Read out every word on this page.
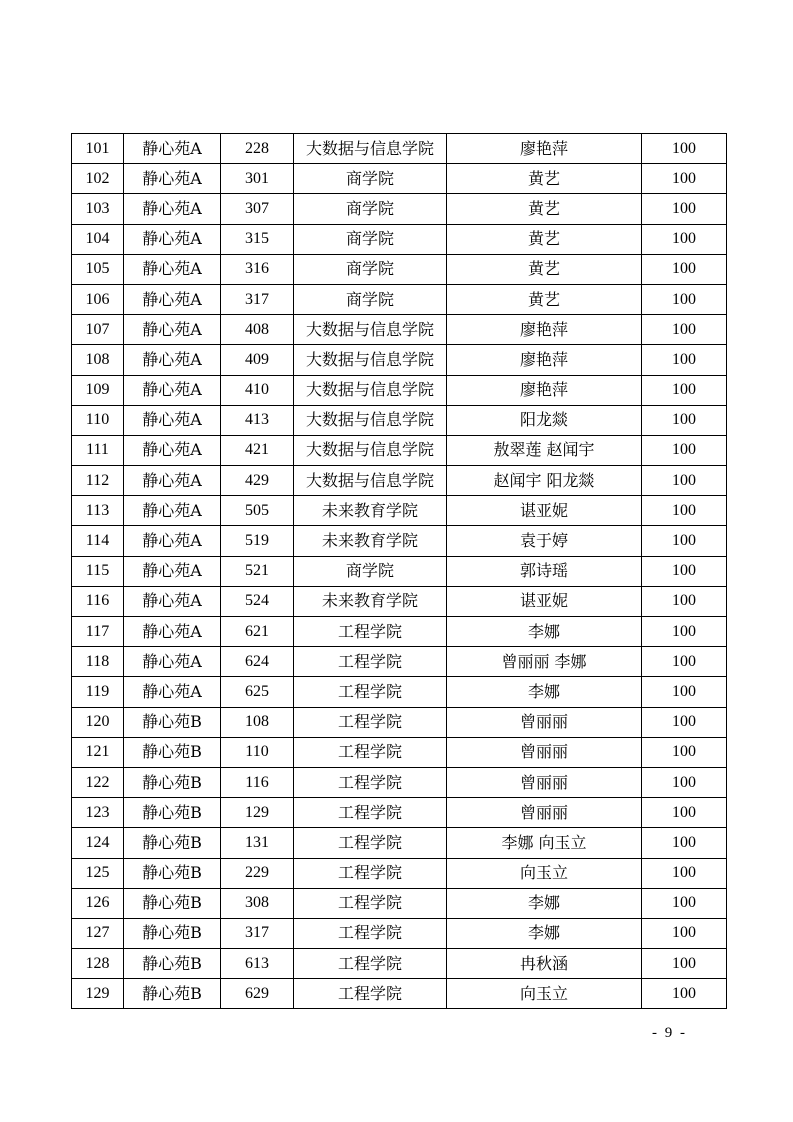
101	静心苑A	228	大数据与信息学院	廖艳萍	100
102	静心苑A	301	商学院	黄艺	100
103	静心苑A	307	商学院	黄艺	100
104	静心苑A	315	商学院	黄艺	100
105	静心苑A	316	商学院	黄艺	100
106	静心苑A	317	商学院	黄艺	100
107	静心苑A	408	大数据与信息学院	廖艳萍	100
108	静心苑A	409	大数据与信息学院	廖艳萍	100
109	静心苑A	410	大数据与信息学院	廖艳萍	100
110	静心苑A	413	大数据与信息学院	阳龙燚	100
111	静心苑A	421	大数据与信息学院	敖翠莲 赵闻宇	100
112	静心苑A	429	大数据与信息学院	赵闻宇 阳龙燚	100
113	静心苑A	505	未来教育学院	谌亚妮	100
114	静心苑A	519	未来教育学院	袁于婷	100
115	静心苑A	521	商学院	郭诗瑶	100
116	静心苑A	524	未来教育学院	谌亚妮	100
117	静心苑A	621	工程学院	李娜	100
118	静心苑A	624	工程学院	曾丽丽 李娜	100
119	静心苑A	625	工程学院	李娜	100
120	静心苑B	108	工程学院	曾丽丽	100
121	静心苑B	110	工程学院	曾丽丽	100
122	静心苑B	116	工程学院	曾丽丽	100
123	静心苑B	129	工程学院	曾丽丽	100
124	静心苑B	131	工程学院	李娜 向玉立	100
125	静心苑B	229	工程学院	向玉立	100
126	静心苑B	308	工程学院	李娜	100
127	静心苑B	317	工程学院	李娜	100
128	静心苑B	613	工程学院	冉秋涵	100
129	静心苑B	629	工程学院	向玉立	100
- 9 -
